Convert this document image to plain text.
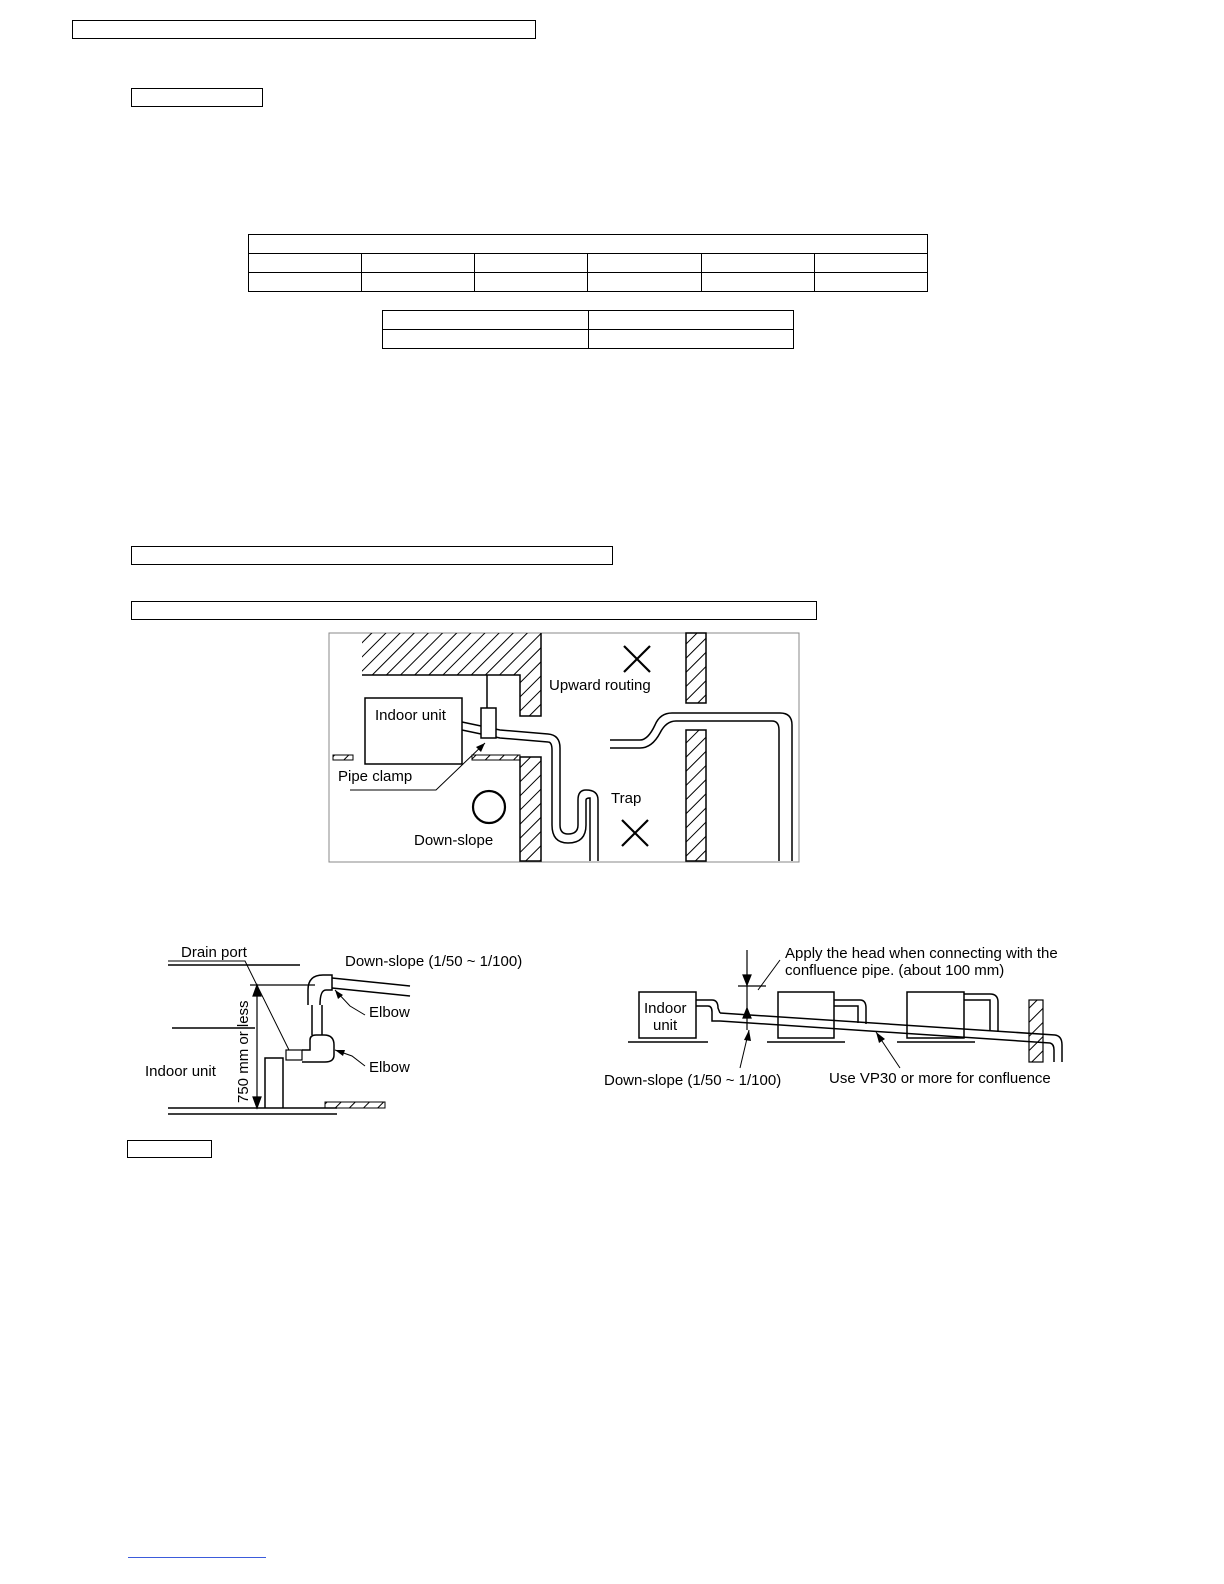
Indoor unit
Pipe clamp
Down-slope
Upward routing
Trap
Drain port
Down-slope (1/50 ~ 1/100)
Elbow
Elbow
Indoor unit 750 mm or less
Apply the head when connecting with the
confluence pipe. (about 100 mm)
Indoor
unit
Down-slope (1/50 ~ 1/100)	Use VP30 or more for confluence
